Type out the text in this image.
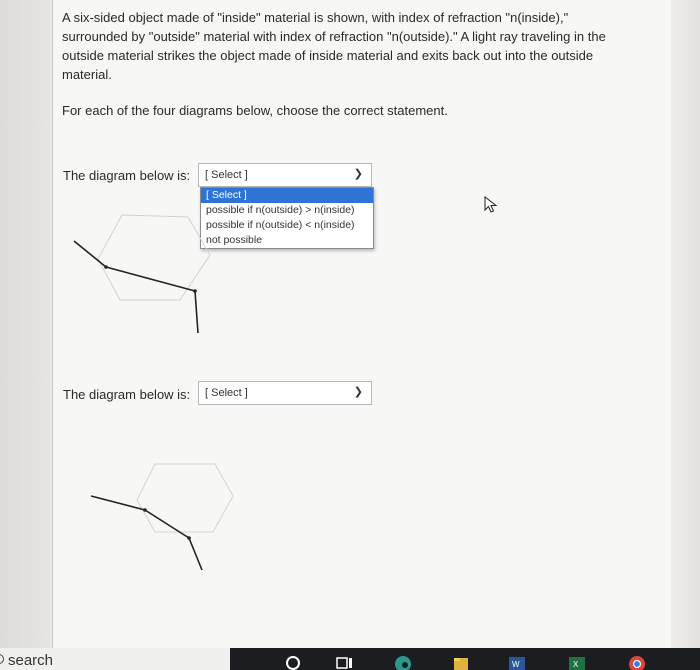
A six-sided object made of "inside" material is shown, with index of refraction "n(inside)," surrounded by "outside" material with index of refraction "n(outside)." A light ray traveling in the outside material strikes the object made of inside material and exits back out into the outside material.
For each of the four diagrams below, choose the correct statement.
The diagram below is:	[ Select ]	❯
[ Select ]
possible if n(outside) > n(inside)
possible if n(outside) < n(inside)
not possible
The diagram below is:	[ Select ]	❯
search	W	X
